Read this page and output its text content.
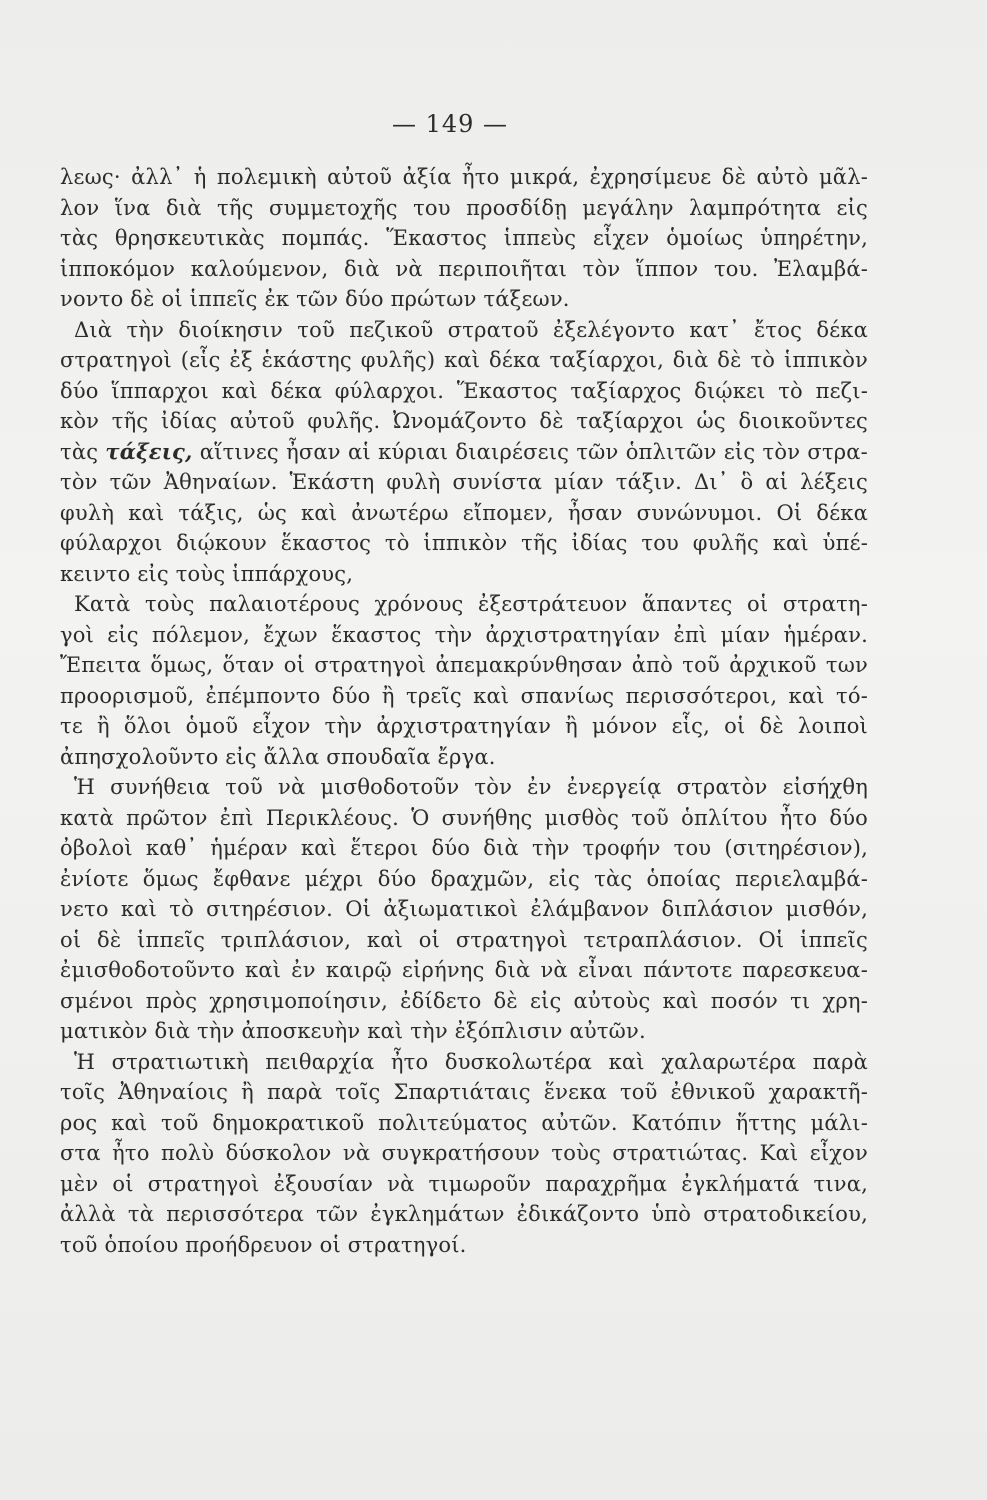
— 149 —
λεως· ἀλλ᾽ ἡ πολεμικὴ αὐτοῦ ἀξία ἦτο μικρά, ἐχρησίμευε δὲ αὐτὸ μᾶλ-
λον ἵνα διὰ τῆς συμμετοχῆς του προσδίδῃ μεγάλην λαμπρότητα εἰς
τὰς θρησκευτικὰς πομπάς. Ἕκαστος ἱππεὺς εἶχεν ὁμοίως ὑπηρέτην,
ἱπποκόμον καλούμενον, διὰ νὰ περιποιῆται τὸν ἵππον του. Ἐλαμβά-
νοντο δὲ οἱ ἱππεῖς ἐκ τῶν δύο πρώτων τάξεων.
Διὰ τὴν διοίκησιν τοῦ πεζικοῦ στρατοῦ ἐξελέγοντο κατ᾽ ἔτος δέκα
στρατηγοὶ (εἷς ἐξ ἑκάστης φυλῆς) καὶ δέκα ταξίαρχοι, διὰ δὲ τὸ ἱππικὸν
δύο ἵππαρχοι καὶ δέκα φύλαρχοι. Ἕκαστος ταξίαρχος διῴκει τὸ πεζι-
κὸν τῆς ἰδίας αὐτοῦ φυλῆς. Ὠνομάζοντο δὲ ταξίαρχοι ὡς διοικοῦντες
τὰς τάξεις, αἵτινες ἦσαν αἱ κύριαι διαιρέσεις τῶν ὁπλιτῶν εἰς τὸν στρα-
τὸν τῶν Ἀθηναίων. Ἑκάστη φυλὴ συνίστα μίαν τάξιν. Δι᾽ ὃ αἱ λέξεις
φυλὴ καὶ τάξις, ὡς καὶ ἀνωτέρω εἴπομεν, ἦσαν συνώνυμοι. Οἱ δέκα
φύλαρχοι διῴκουν ἕκαστος τὸ ἱππικὸν τῆς ἰδίας του φυλῆς καὶ ὑπέ-
κειντο εἰς τοὺς ἱππάρχους,
Κατὰ τοὺς παλαιοτέρους χρόνους ἐξεστράτευον ἅπαντες οἱ στρατη-
γοὶ εἰς πόλεμον, ἔχων ἕκαστος τὴν ἀρχιστρατηγίαν ἐπὶ μίαν ἡμέραν.
Ἔπειτα ὅμως, ὅταν οἱ στρατηγοὶ ἀπεμακρύνθησαν ἀπὸ τοῦ ἀρχικοῦ των
προορισμοῦ, ἐπέμποντο δύο ἢ τρεῖς καὶ σπανίως περισσότεροι, καὶ τό-
τε ἢ ὅλοι ὁμοῦ εἶχον τὴν ἀρχιστρατηγίαν ἢ μόνον εἷς, οἱ δὲ λοιποὶ
ἀπησχολοῦντο εἰς ἄλλα σπουδαῖα ἔργα.
Ἡ συνήθεια τοῦ νὰ μισθοδοτοῦν τὸν ἐν ἐνεργείᾳ στρατὸν εἰσήχθη
κατὰ πρῶτον ἐπὶ Περικλέους. Ὁ συνήθης μισθὸς τοῦ ὁπλίτου ἦτο δύο
ὀβολοὶ καθ᾽ ἡμέραν καὶ ἕτεροι δύο διὰ τὴν τροφήν του (σιτηρέσιον),
ἐνίοτε ὅμως ἔφθανε μέχρι δύο δραχμῶν, εἰς τὰς ὁποίας περιελαμβά-
νετο καὶ τὸ σιτηρέσιον. Οἱ ἀξιωματικοὶ ἐλάμβανον διπλάσιον μισθόν,
οἱ δὲ ἱππεῖς τριπλάσιον, καὶ οἱ στρατηγοὶ τετραπλάσιον. Οἱ ἱππεῖς
ἐμισθοδοτοῦντο καὶ ἐν καιρῷ εἰρήνης διὰ νὰ εἶναι πάντοτε παρεσκευα-
σμένοι πρὸς χρησιμοποίησιν, ἐδίδετο δὲ εἰς αὐτοὺς καὶ ποσόν τι χρη-
ματικὸν διὰ τὴν ἀποσκευὴν καὶ τὴν ἐξόπλισιν αὐτῶν.
Ἡ στρατιωτικὴ πειθαρχία ἦτο δυσκολωτέρα καὶ χαλαρωτέρα παρὰ
τοῖς Ἀθηναίοις ἢ παρὰ τοῖς Σπαρτιάταις ἕνεκα τοῦ ἐθνικοῦ χαρακτῆ-
ρος καὶ τοῦ δημοκρατικοῦ πολιτεύματος αὐτῶν. Κατόπιν ἥττης μάλι-
στα ἦτο πολὺ δύσκολον νὰ συγκρατήσουν τοὺς στρατιώτας. Καὶ εἶχον
μὲν οἱ στρατηγοὶ ἐξουσίαν νὰ τιμωροῦν παραχρῆμα ἐγκλήματά τινα,
ἀλλὰ τὰ περισσότερα τῶν ἐγκλημάτων ἐδικάζοντο ὑπὸ στρατοδικείου,
τοῦ ὁποίου προήδρευον οἱ στρατηγοί.
